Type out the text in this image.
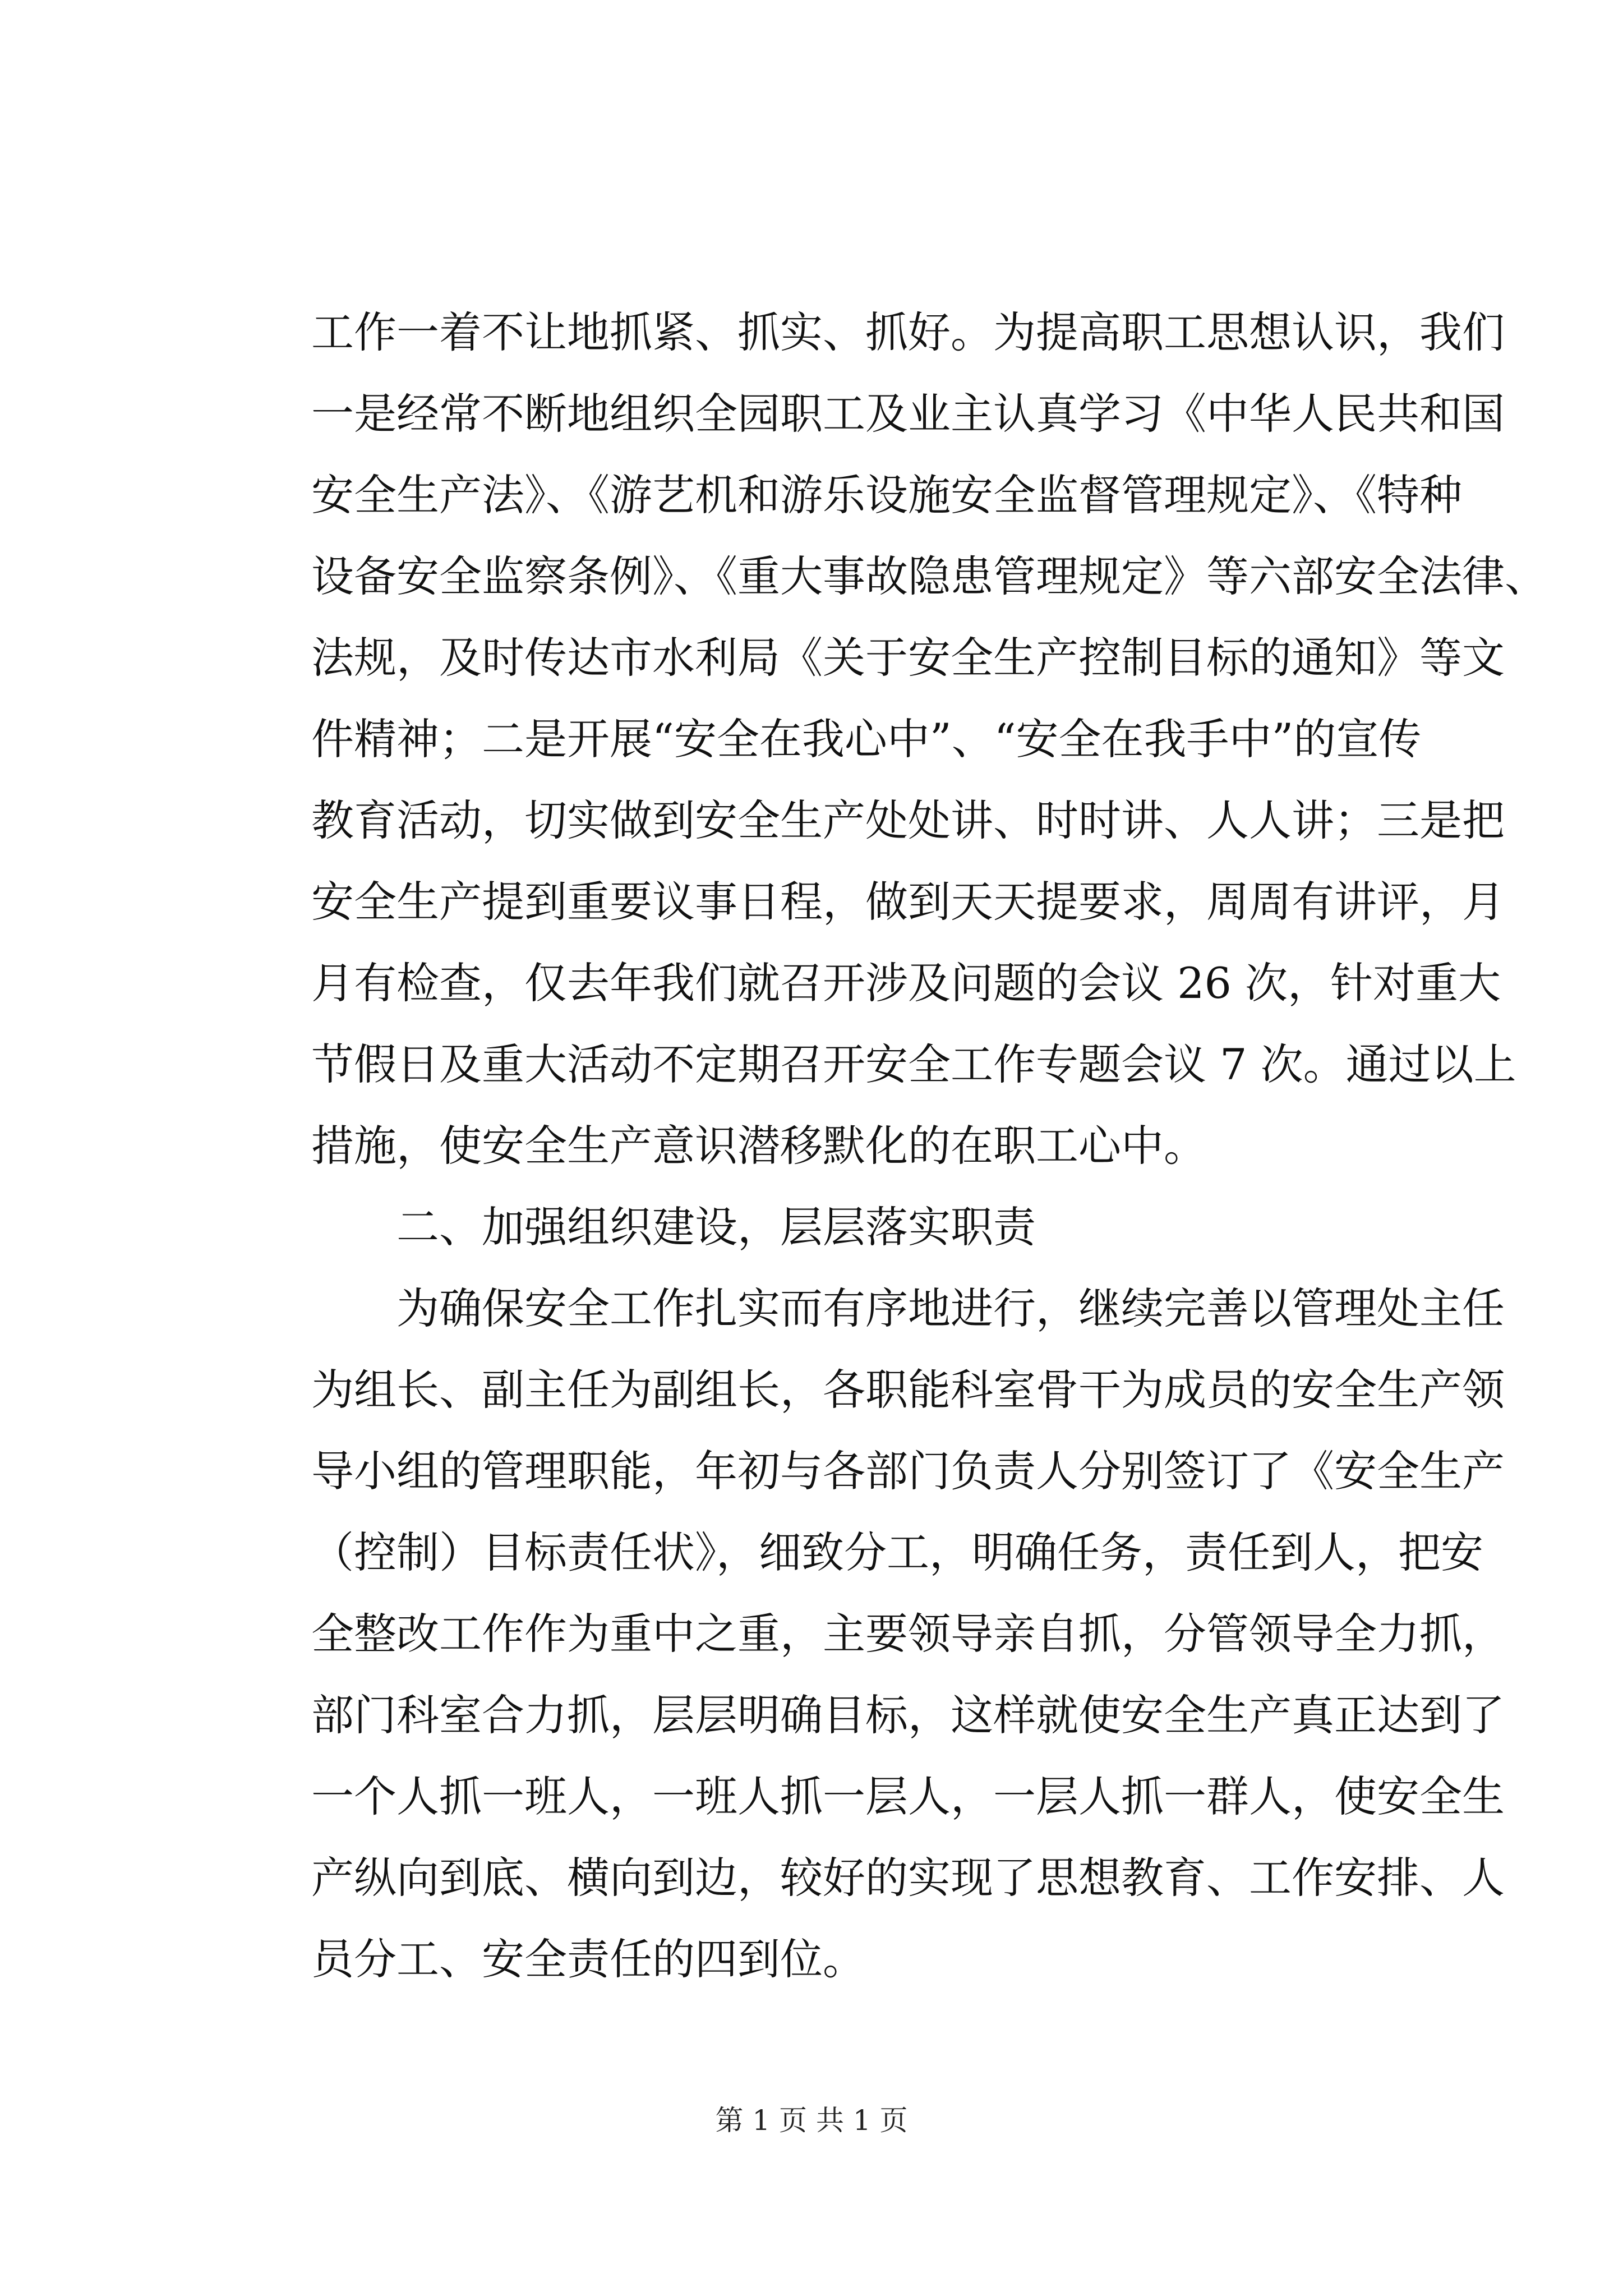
工作一着不让地抓紧、抓实、抓好。为提高职工思想认识，我们

一是经常不断地组织全园职工及业主认真学习《中华人民共和国

安全生产法》、《游艺机和游乐设施安全监督管理规定》、《特种

设备安全监察条例》、《重大事故隐患管理规定》等六部安全法律、

法规，及时传达市水利局《关于安全生产控制目标的通知》等文

件精神；二是开展“安全在我心中”、“安全在我手中”的宣传

教育活动，切实做到安全生产处处讲、时时讲、人人讲；三是把

安全生产提到重要议事日程，做到天天提要求，周周有讲评，月

月有检查，仅去年我们就召开涉及问题的会议 26 次，针对重大

节假日及重大活动不定期召开安全工作专题会议 7 次。通过以上

措施，使安全生产意识潜移默化的在职工心中。

二、加强组织建设，层层落实职责

为确保安全工作扎实而有序地进行，继续完善以管理处主任

为组长、副主任为副组长，各职能科室骨干为成员的安全生产领

导小组的管理职能，年初与各部门负责人分别签订了《安全生产

（控制）目标责任状》，细致分工，明确任务，责任到人，把安

全整改工作作为重中之重，主要领导亲自抓，分管领导全力抓，

部门科室合力抓，层层明确目标，这样就使安全生产真正达到了

一个人抓一班人，一班人抓一层人，一层人抓一群人，使安全生

产纵向到底、横向到边，较好的实现了思想教育、工作安排、人

员分工、安全责任的四到位。

第 1 页 共 1 页
